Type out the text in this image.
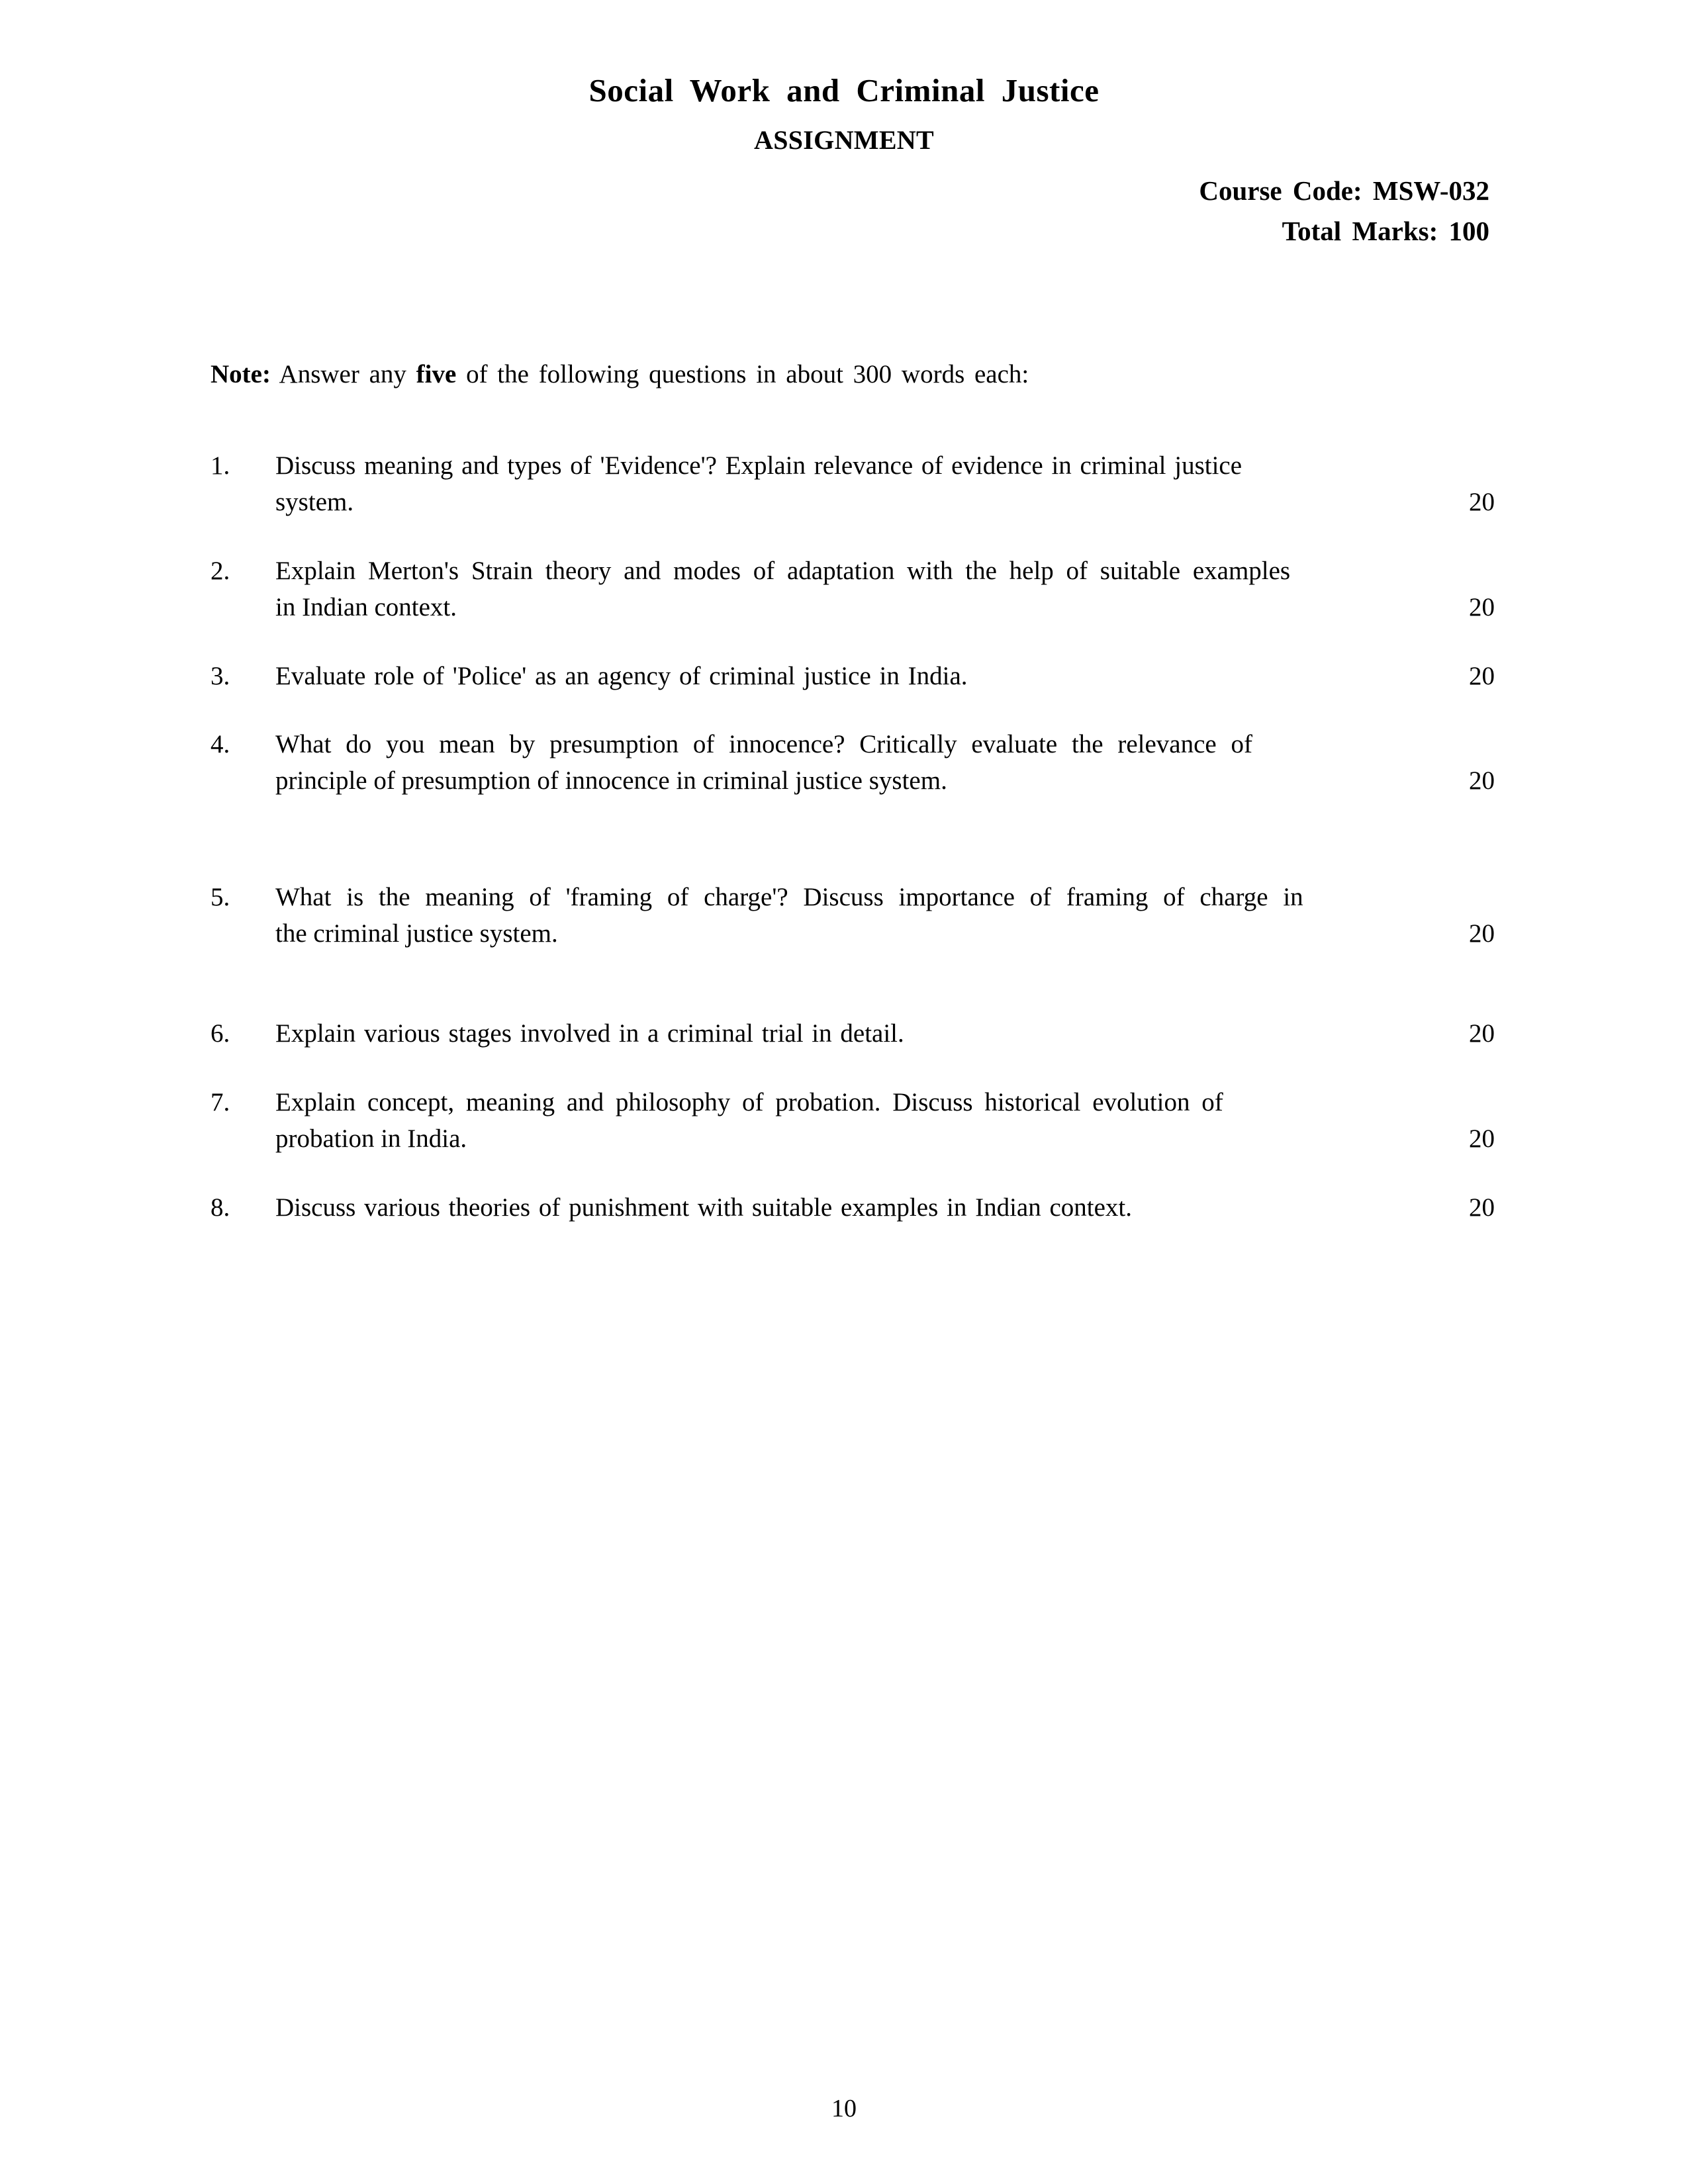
Social Work and Criminal Justice
ASSIGNMENT
Course Code: MSW-032
Total Marks: 100
Note: Answer any five of the following questions in about 300 words each:
1.	Discuss meaning and types of 'Evidence'? Explain relevance of evidence in criminal justice
system.	20
2.	Explain Merton's Strain theory and modes of adaptation with the help of suitable examples
in Indian context.	20
3.	Evaluate role of 'Police' as an agency of criminal justice in India.	20
4.	What do you mean by presumption of innocence? Critically evaluate the relevance of
principle of presumption of innocence in criminal justice system.	20
5.	What is the meaning of 'framing of charge'? Discuss importance of framing of charge in
the criminal justice system.	20
6.	Explain various stages involved in a criminal trial in detail.	20
7.	Explain concept, meaning and philosophy of probation. Discuss historical evolution of
probation in India.	20
8.	Discuss various theories of punishment with suitable examples in Indian context.	20
10
